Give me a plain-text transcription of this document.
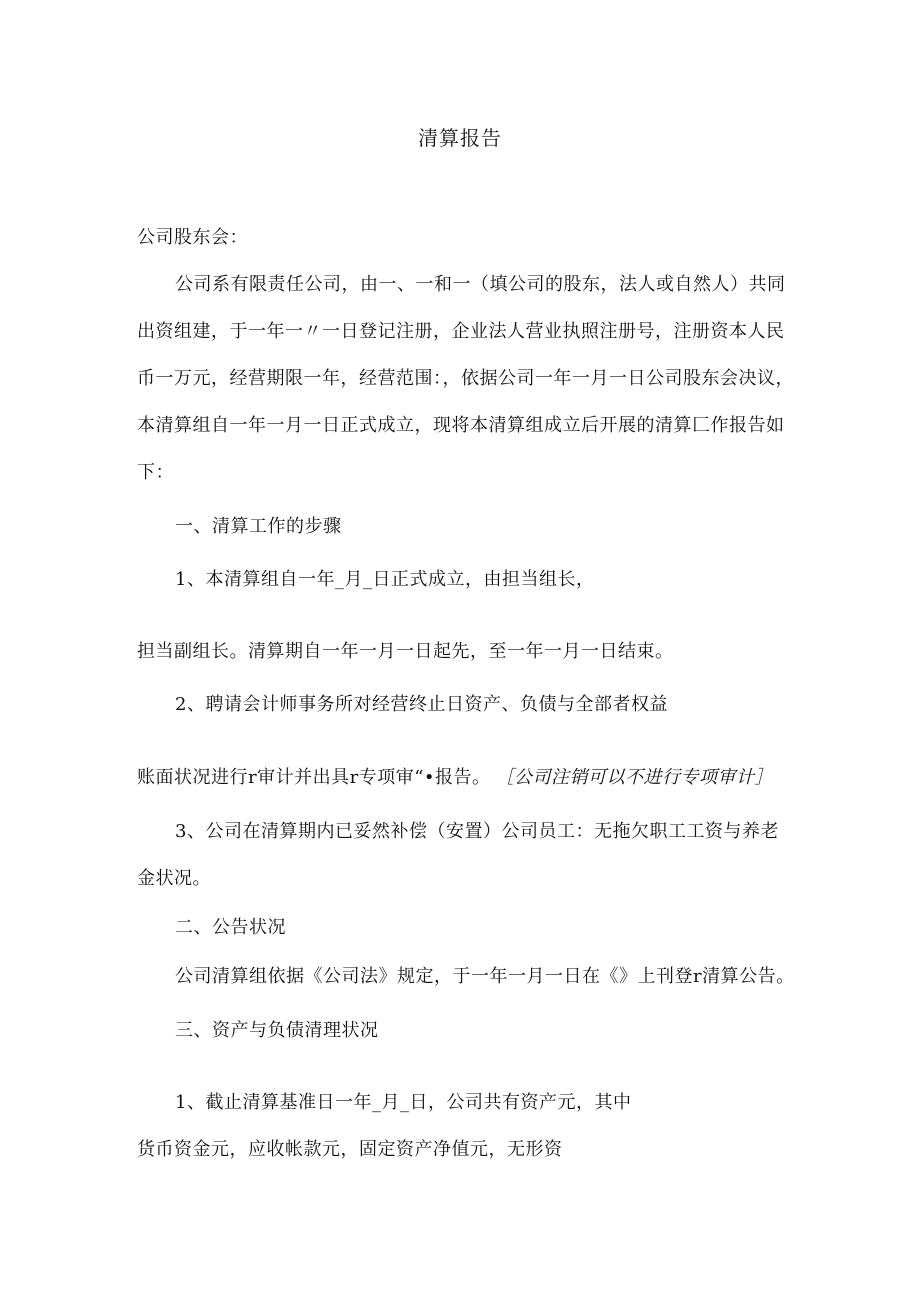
清算报告
公司股东会：
公司系有限责任公司，由一、一和一（填公司的股东，法人或自然人）共同
出资组建，于一年一〃一日登记注册，企业法人营业执照注册号，注册资本人民
币一万元，经营期限一年，经营范围：，依据公司一年一月一日公司股东会决议，
本清算组自一年一月一日正式成立，现将本清算组成立后开展的清算匚作报告如
下：
一、清算工作的步骤
1、本清算组自一年_月_日正式成立，由担当组长，
担当副组长。清算期自一年一月一日起先，至一年一月一日结束。
2、聘请会计师事务所对经营终止日资产、负债与全部者权益
账面状况进行r审计并出具r专项审“•报告。 ［公司注销可以不进行专项审计］
3、公司在清算期内已妥然补偿（安置）公司员工：无拖欠职工工资与养老
金状况。
二、公告状况
公司清算组依据《公司法》规定，于一年一月一日在《》上刊登r清算公告。
三、资产与负债清理状况
1、截止清算基准日一年_月_日，公司共有资产元，其中
货币资金元，应收帐款元，固定资产净值元，无形资
